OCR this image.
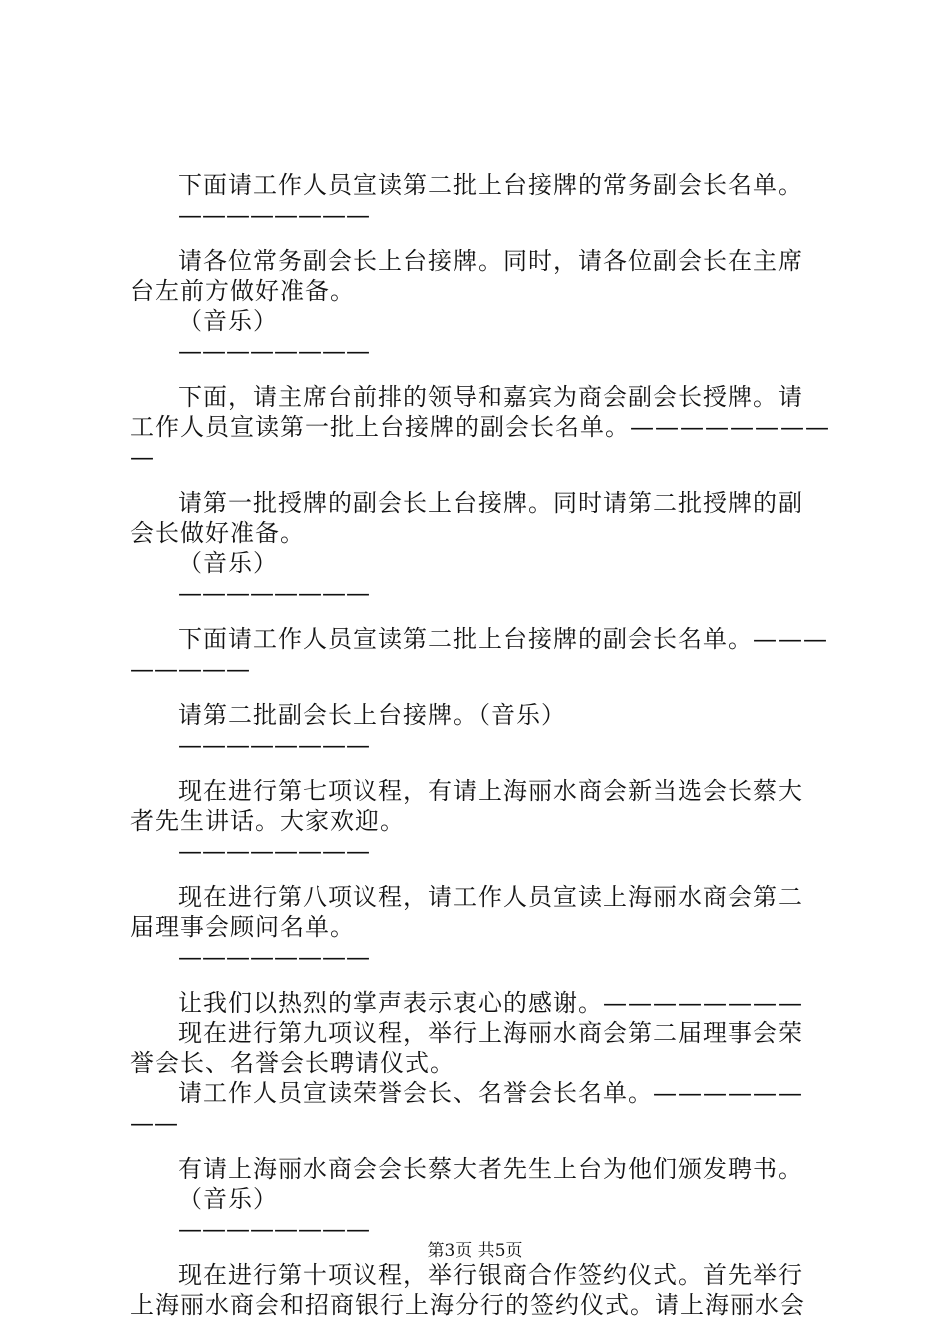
下面请工作人员宣读第二批上台接牌的常务副会长名单。
————————
请各位常务副会长上台接牌。同时，请各位副会长在主席
台左前方做好准备。
（音乐）
————————
下面，请主席台前排的领导和嘉宾为商会副会长授牌。请
工作人员宣读第一批上台接牌的副会长名单。————————
—
请第一批授牌的副会长上台接牌。同时请第二批授牌的副
会长做好准备。
（音乐）
————————
下面请工作人员宣读第二批上台接牌的副会长名单。———
—————
请第二批副会长上台接牌。（音乐）
————————
现在进行第七项议程，有请上海丽水商会新当选会长蔡大
者先生讲话。大家欢迎。
————————
现在进行第八项议程，请工作人员宣读上海丽水商会第二
届理事会顾问名单。
————————
让我们以热烈的掌声表示衷心的感谢。————————
现在进行第九项议程，举行上海丽水商会第二届理事会荣
誉会长、名誉会长聘请仪式。
请工作人员宣读荣誉会长、名誉会长名单。——————
——
有请上海丽水商会会长蔡大者先生上台为他们颁发聘书。
（音乐）
————————
现在进行第十项议程，举行银商合作签约仪式。首先举行
上海丽水商会和招商银行上海分行的签约仪式。请上海丽水会
第3页 共5页
